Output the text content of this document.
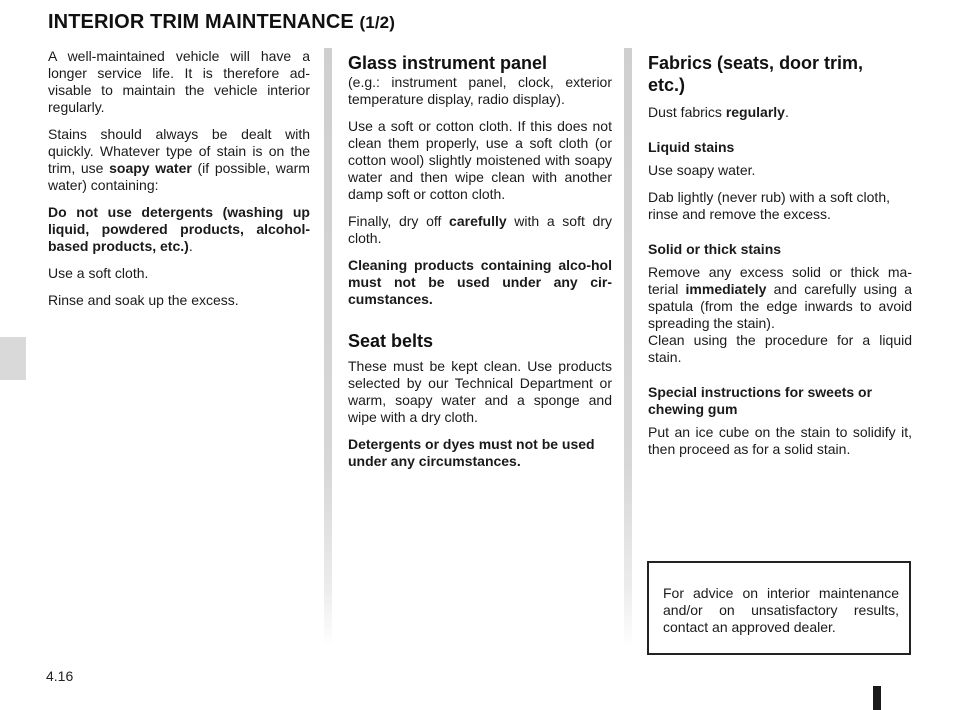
INTERIOR TRIM MAINTENANCE (1/2)

A well-maintained vehicle will have a longer service life. It is therefore ad-visable to maintain the vehicle interior regularly.

Stains should always be dealt with quickly. Whatever type of stain is on the trim, use soapy water (if possible, warm water) containing:

Do not use detergents (washing up liquid, powdered products, alcohol-based products, etc.).

Use a soft cloth.

Rinse and soak up the excess.

Glass instrument panel

(e.g.: instrument panel, clock, exterior temperature display, radio display).

Use a soft or cotton cloth. If this does not clean them properly, use a soft cloth (or cotton wool) slightly moistened with soapy water and then wipe clean with another damp soft or cotton cloth.

Finally, dry off carefully with a soft dry cloth.

Cleaning products containing alco-hol must not be used under any cir-cumstances.

Seat belts

These must be kept clean. Use products selected by our Technical Department or warm, soapy water and a sponge and wipe with a dry cloth.

Detergents or dyes must not be used under any circumstances.

Fabrics (seats, door trim,
etc.)

Dust fabrics regularly.

Liquid stains

Use soapy water.

Dab lightly (never rub) with a soft cloth, rinse and remove the excess.

Solid or thick stains

Remove any excess solid or thick ma-terial immediately and carefully using a spatula (from the edge inwards to avoid spreading the stain).

Clean using the procedure for a liquid stain.

Special instructions for sweets or
chewing gum

Put an ice cube on the stain to solidify it, then proceed as for a solid stain.

For advice on interior maintenance and/or on unsatisfactory results, contact an approved dealer.
4.16
